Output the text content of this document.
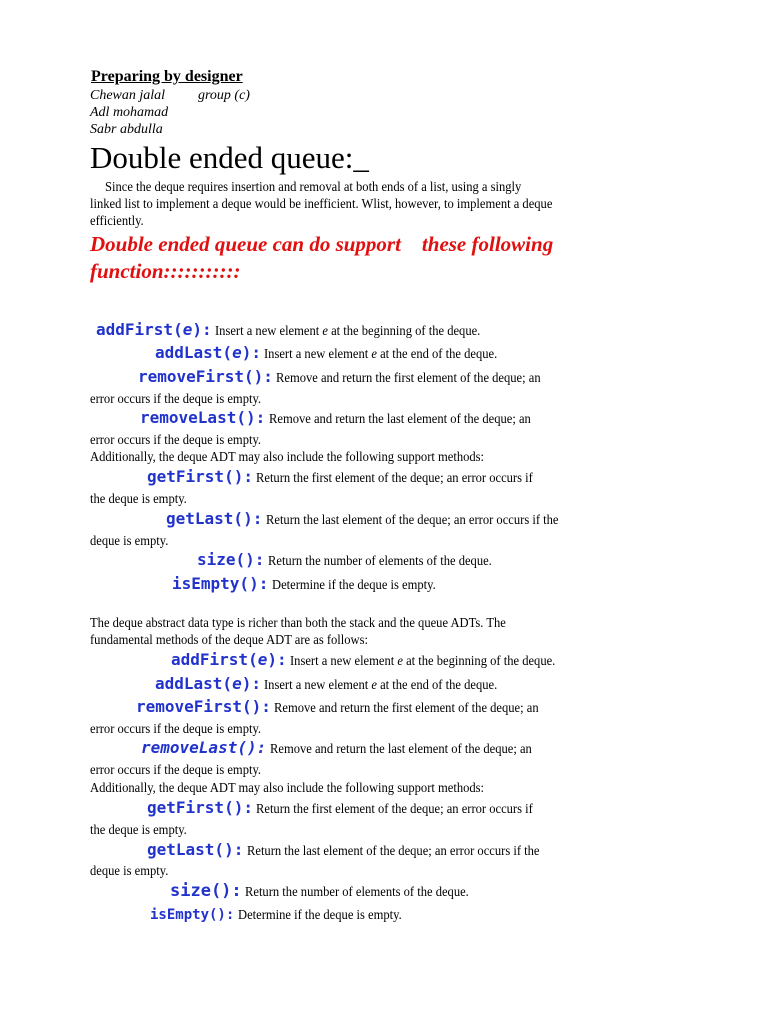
Preparing by designer
Chewan jalal group (c)
Adl mohamad
Sabr abdulla
Double ended queue:_
Since the deque requires insertion and removal at both ends of a list, using a singly
linked list to implement a deque would be inefficient. Wlist, however, to implement a deque
efficiently.
Double ended queue can do support    these following
function:::::::::::
addFirst(e): Insert a new element e at the beginning of the deque.
addLast(e): Insert a new element e at the end of the deque.
removeFirst(): Remove and return the first element of the deque; an
error occurs if the deque is empty.
removeLast(): Remove and return the last element of the deque; an
error occurs if the deque is empty.
Additionally, the deque ADT may also include the following support methods:
getFirst(): Return the first element of the deque; an error occurs if
the deque is empty.
getLast(): Return the last element of the deque; an error occurs if the
deque is empty.
size(): Return the number of elements of the deque.
isEmpty(): Determine if the deque is empty.
The deque abstract data type is richer than both the stack and the queue ADTs. The
fundamental methods of the deque ADT are as follows:
addFirst(e): Insert a new element e at the beginning of the deque.
addLast(e): Insert a new element e at the end of the deque.
removeFirst(): Remove and return the first element of the deque; an
error occurs if the deque is empty.
removeLast(): Remove and return the last element of the deque; an
error occurs if the deque is empty.
Additionally, the deque ADT may also include the following support methods:
getFirst(): Return the first element of the deque; an error occurs if
the deque is empty.
getLast(): Return the last element of the deque; an error occurs if the
deque is empty.
size(): Return the number of elements of the deque.
isEmpty(): Determine if the deque is empty.
